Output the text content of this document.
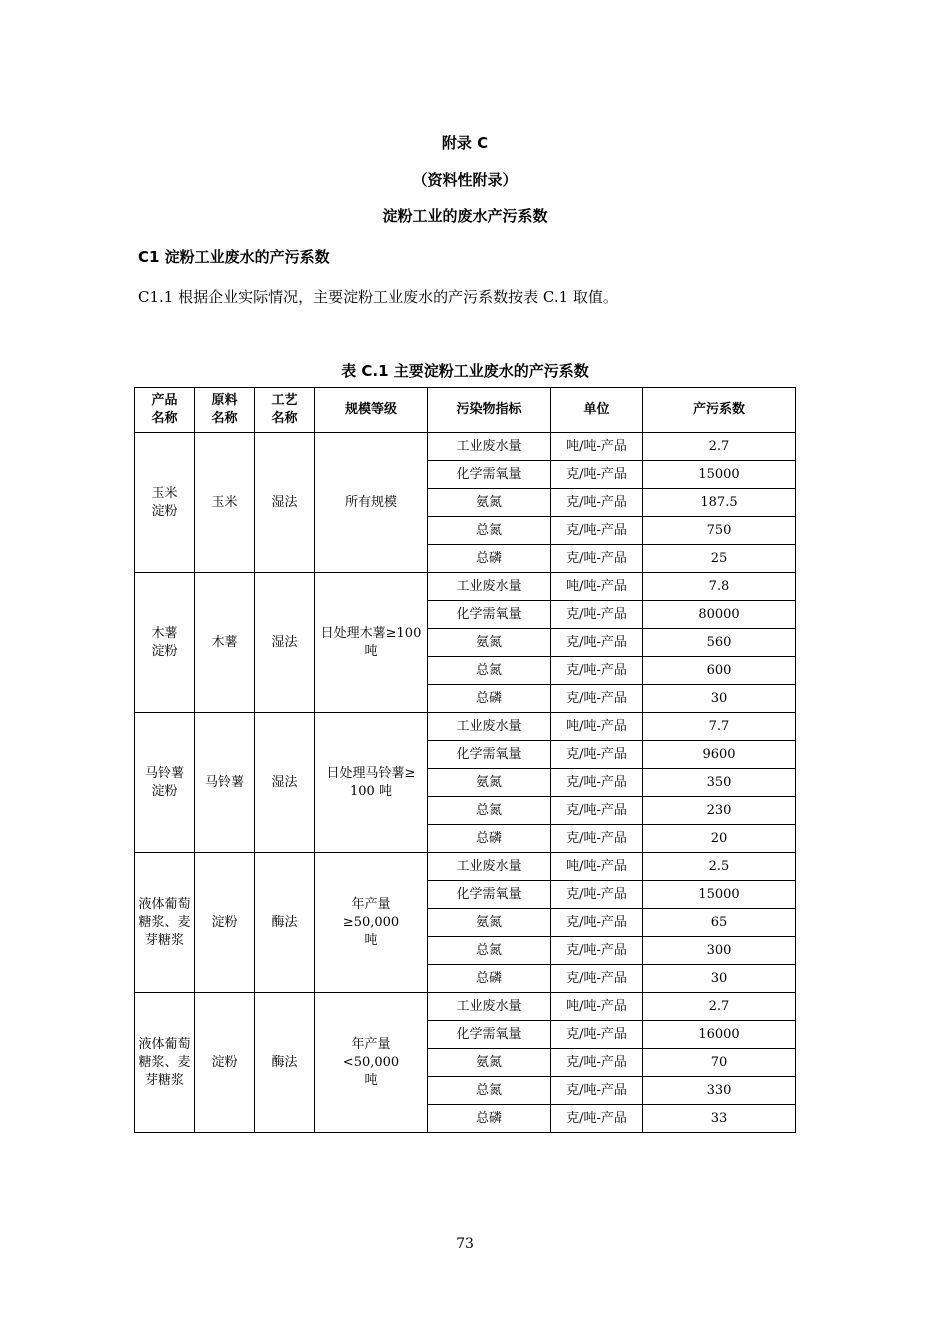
附录 C
（资料性附录）
淀粉工业的废水产污系数
C1 淀粉工业废水的产污系数
C1.1 根据企业实际情况，主要淀粉工业废水的产污系数按表 C.1 取值。
表 C.1 主要淀粉工业废水的产污系数
产品名称	原料名称	工艺名称	规模等级	污染物指标	单位	产污系数
玉米淀粉	玉米	湿法	所有规模	工业废水量	吨/吨-产品	2.7
				化学需氧量	克/吨-产品	15000
				氨氮	克/吨-产品	187.5
				总氮	克/吨-产品	750
				总磷	克/吨-产品	25
木薯淀粉	木薯	湿法	日处理木薯≥100 吨	工业废水量	吨/吨-产品	7.8
				化学需氧量	克/吨-产品	80000
				氨氮	克/吨-产品	560
				总氮	克/吨-产品	600
				总磷	克/吨-产品	30
马铃薯淀粉	马铃薯	湿法	日处理马铃薯≥ 100 吨	工业废水量	吨/吨-产品	7.7
				化学需氧量	克/吨-产品	9600
				氨氮	克/吨-产品	350
				总氮	克/吨-产品	230
				总磷	克/吨-产品	20
液体葡萄糖浆、麦芽糖浆	淀粉	酶法	年产量 ≥50,000 吨	工业废水量	吨/吨-产品	2.5
				化学需氧量	克/吨-产品	15000
				氨氮	克/吨-产品	65
				总氮	克/吨-产品	300
				总磷	克/吨-产品	30
液体葡萄糖浆、麦芽糖浆	淀粉	酶法	年产量 <50,000 吨	工业废水量	吨/吨-产品	2.7
				化学需氧量	克/吨-产品	16000
				氨氮	克/吨-产品	70
				总氮	克/吨-产品	330
				总磷	克/吨-产品	33
73
